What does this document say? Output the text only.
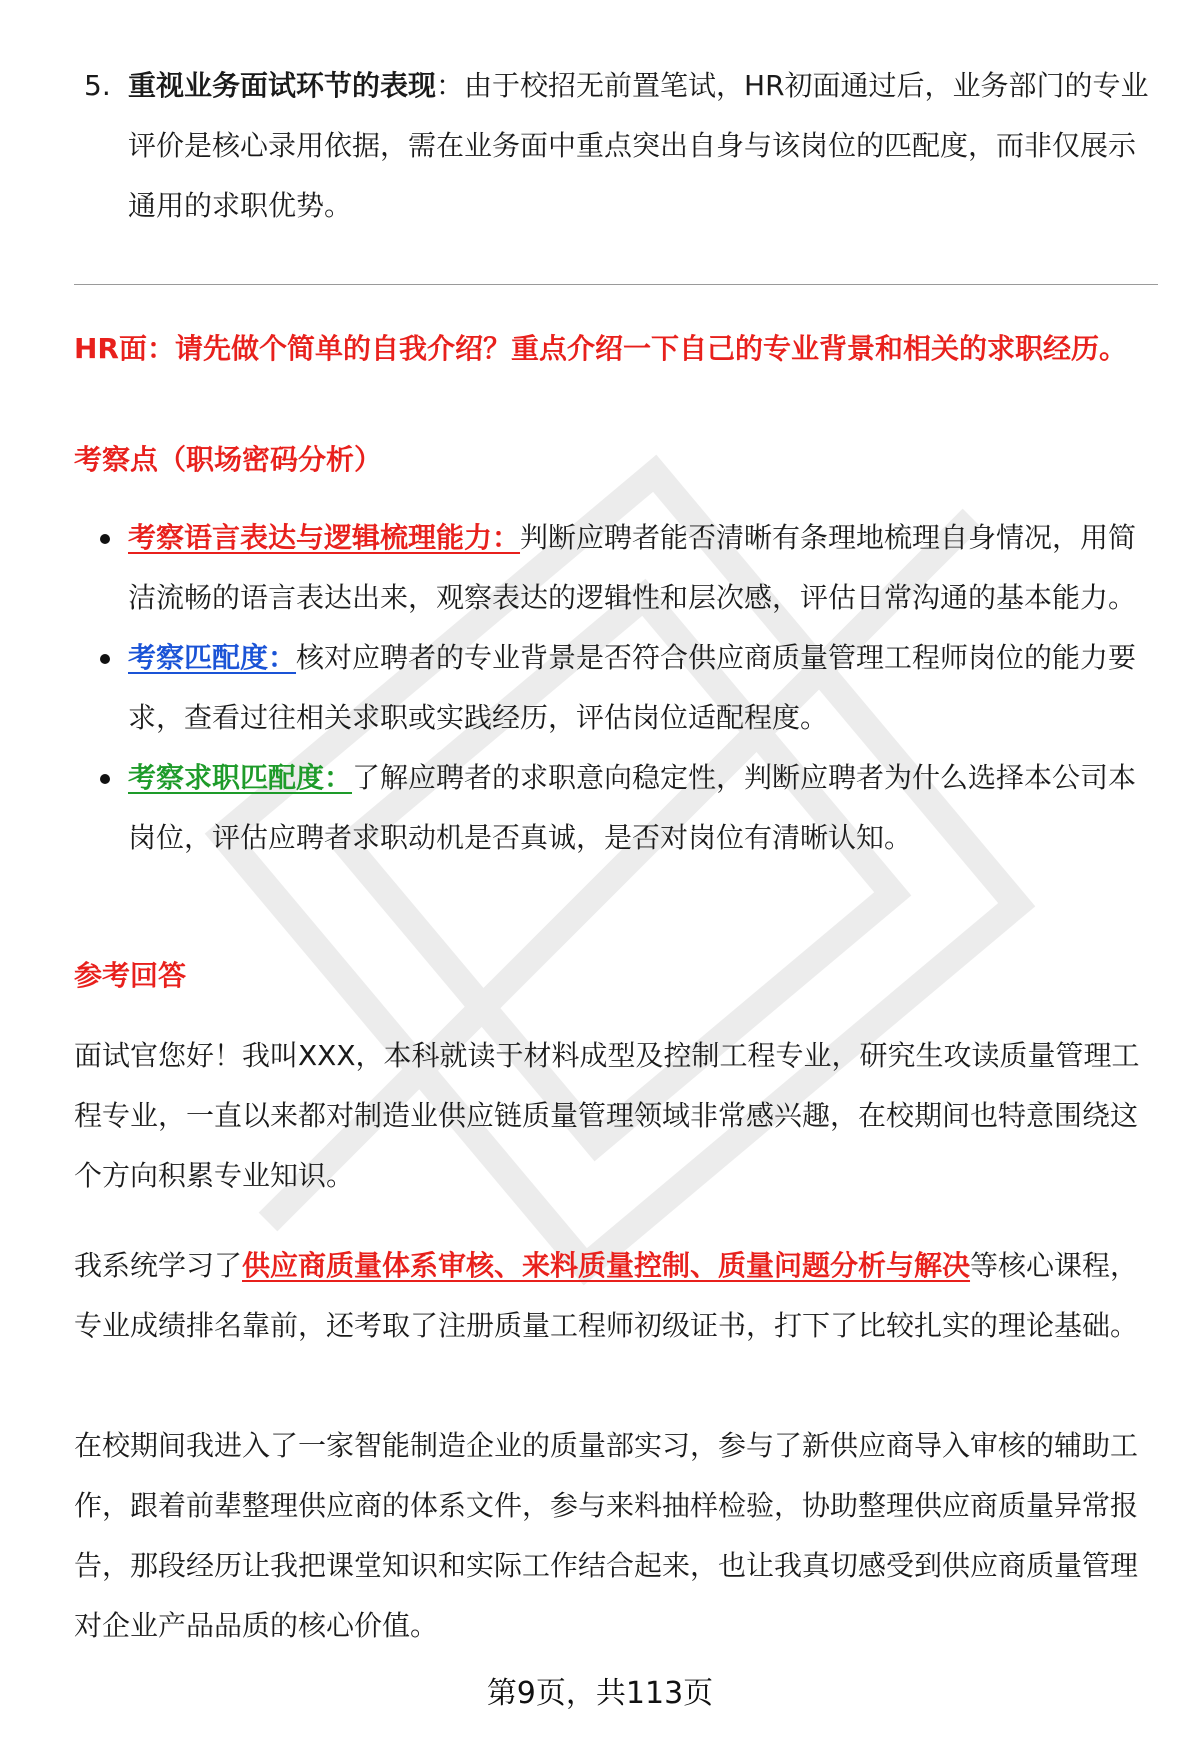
5. 重视业务面试环节的表现：由于校招无前置笔试，HR初面通过后，业务部门的专业评价是核心录用依据，需在业务面中重点突出自身与该岗位的匹配度，而非仅展示通用的求职优势。
HR面：请先做个简单的自我介绍？重点介绍一下自己的专业背景和相关的求职经历。
考察点（职场密码分析）
考察语言表达与逻辑梳理能力：判断应聘者能否清晰有条理地梳理自身情况，用简洁流畅的语言表达出来，观察表达的逻辑性和层次感，评估日常沟通的基本能力。
考察匹配度：核对应聘者的专业背景是否符合供应商质量管理工程师岗位的能力要求，查看过往相关求职或实践经历，评估岗位适配程度。
考察求职匹配度：了解应聘者的求职意向稳定性，判断应聘者为什么选择本公司本岗位，评估应聘者求职动机是否真诚，是否对岗位有清晰认知。
参考回答
面试官您好！我叫XXX，本科就读于材料成型及控制工程专业，研究生攻读质量管理工程专业，一直以来都对制造业供应链质量管理领域非常感兴趣，在校期间也特意围绕这个方向积累专业知识。
我系统学习了供应商质量体系审核、来料质量控制、质量问题分析与解决等核心课程，专业成绩排名靠前，还考取了注册质量工程师初级证书，打下了比较扎实的理论基础。
在校期间我进入了一家智能制造企业的质量部实习，参与了新供应商导入审核的辅助工作，跟着前辈整理供应商的体系文件，参与来料抽样检验，协助整理供应商质量异常报告，那段经历让我把课堂知识和实际工作结合起来，也让我真切感受到供应商质量管理对企业产品品质的核心价值。
第9页，共113页
